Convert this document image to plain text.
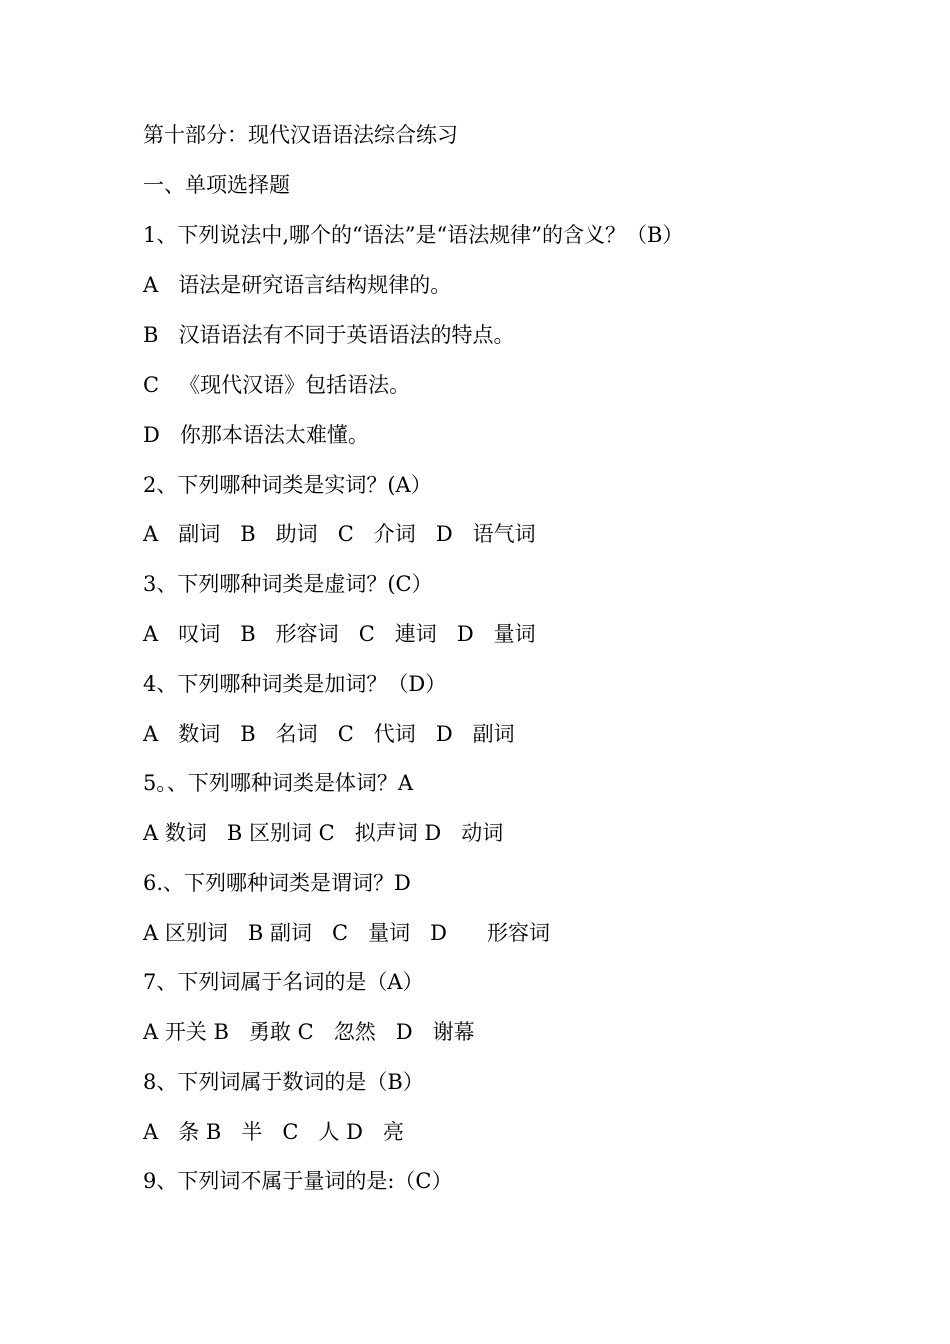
第十部分：现代汉语语法综合练习
一、单项选择题
1、下列说法中,哪个的“语法”是“语法规律”的含义？（B）
A   语法是研究语言结构规律的。
B   汉语语法有不同于英语语法的特点。
C   《现代汉语》包括语法。
D   你那本语法太难懂。
2、下列哪种词类是实词？(A）
A   副词   B   助词   C   介词   D   语气词
3、下列哪种词类是虚词？(C）
A   叹词   B   形容词   C   連词   D   量词
4、下列哪种词类是加词？（D）
A   数词   B   名词   C   代词   D   副词
5。、下列哪种词类是体词？A
A 数词   B 区别词 C   拟声词 D   动词
6.、下列哪种词类是谓词？D
A 区别词   B 副词   C   量词   D      形容词
7、下列词属于名词的是（A）
A 开关 B   勇敢 C   忽然   D   谢幕
8、下列词属于数词的是（B）
A   条 B   半   C   人 D   亮
9、下列词不属于量词的是:（C）
